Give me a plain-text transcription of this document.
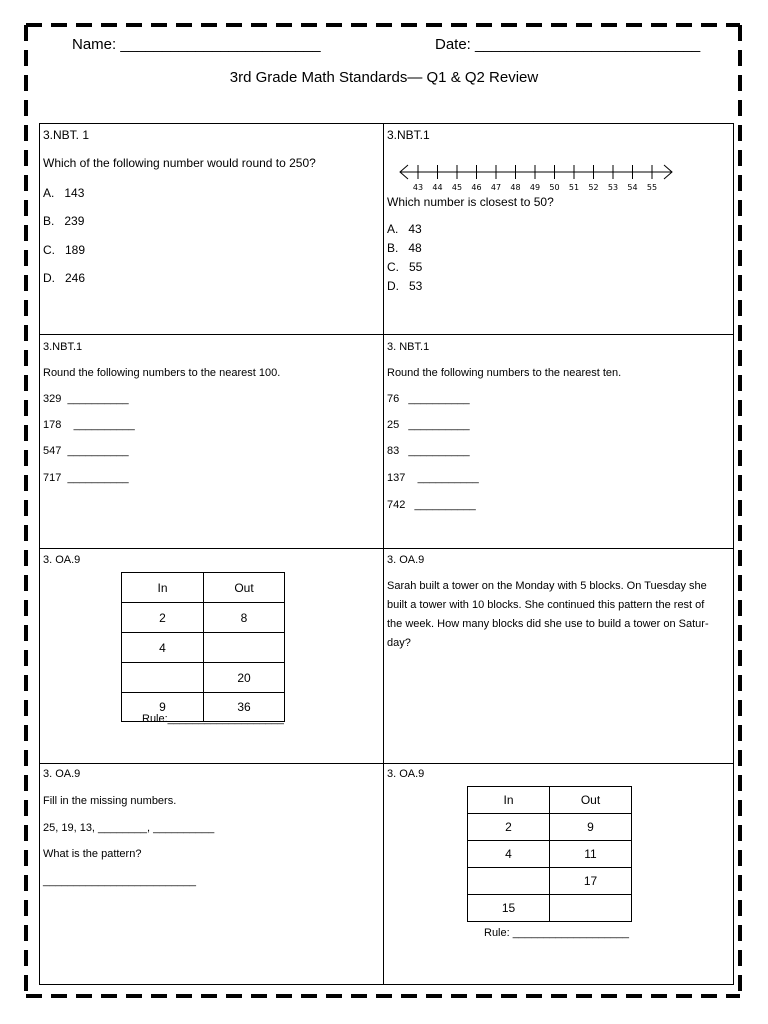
Name: ________________________	Date: ___________________________
3rd Grade Math Standards— Q1 & Q2 Review
3.NBT. 1
Which of the following number would round to 250?
A.   143
B.   239
C.   189
D.   246
3.NBT.1
43 44 45 46 47 48 49 50 51 52 53 54 55
Which number is closest to 50?
A.   43
B.   48
C.   55
D.   53
3.NBT.1
Round the following numbers to the nearest 100.
329  __________
178    __________
547  __________
717  __________
3. NBT.1
Round the following numbers to the nearest ten.
76   __________
25   __________
83   __________
137    __________
742   __________
3. OA.9
In	Out
2	8
4	
	20
9	36
Rule:___________________
3. OA.9
Sarah built a tower on the Monday with 5 blocks. On Tuesday she
built a tower with 10 blocks. She continued this pattern the rest of
the week. How many blocks did she use to build a tower on Satur-
day?
3. OA.9
Fill in the missing numbers.
25, 19, 13, ________, __________
What is the pattern?
_________________________
3. OA.9
In	Out
2	9
4	11
	17
15	
Rule: ___________________
